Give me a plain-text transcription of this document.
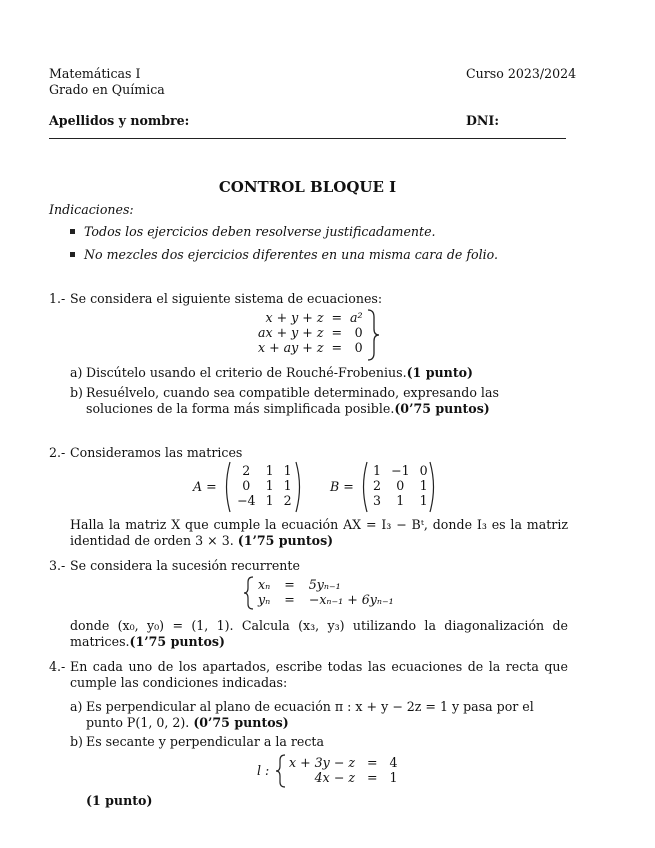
Matemáticas I
Grado en Química
Curso 2023/2024
Apellidos y nombre:	DNI:
CONTROL BLOQUE I
Indicaciones:
Todos los ejercicios deben resolverse justificadamente.
No mezcles dos ejercicios diferentes en una misma cara de folio.
1.- Se considera el siguiente sistema de ecuaciones:
x + y + z	=	a²
ax + y + z	=	0
x + ay + z	=	0
a) Discútelo usando el criterio de Rouché-Frobenius.(1 punto)
b) Resuélvelo, cuando sea compatible determinado, expresando las soluciones de la forma más simplificada posible.(0’75 puntos)
2.- Consideramos las matrices
A =
2	1	1
0	1	1
−4	1	2
B =
1	−1	0
2	0	1
3	1	1
Halla la matriz X que cumple la ecuación AX = I₃ − Bᵗ, donde I₃ es la matriz identidad de orden 3 × 3. (1’75 puntos)
3.- Se considera la sucesión recurrente
xₙ	=	5yₙ₋₁
yₙ	=	−xₙ₋₁ + 6yₙ₋₁
donde (x₀, y₀) = (1, 1). Calcula (x₃, y₃) utilizando la diagonalización de matrices.(1’75 puntos)
4.- En cada uno de los apartados, escribe todas las ecuaciones de la recta que cumple las condiciones indicadas:
a) Es perpendicular al plano de ecuación π : x + y − 2z = 1 y pasa por el punto P(1, 0, 2). (0’75 puntos)
b) Es secante y perpendicular a la recta
l :
x + 3y − z	=	4
4x − z	=	1
(1 punto)
